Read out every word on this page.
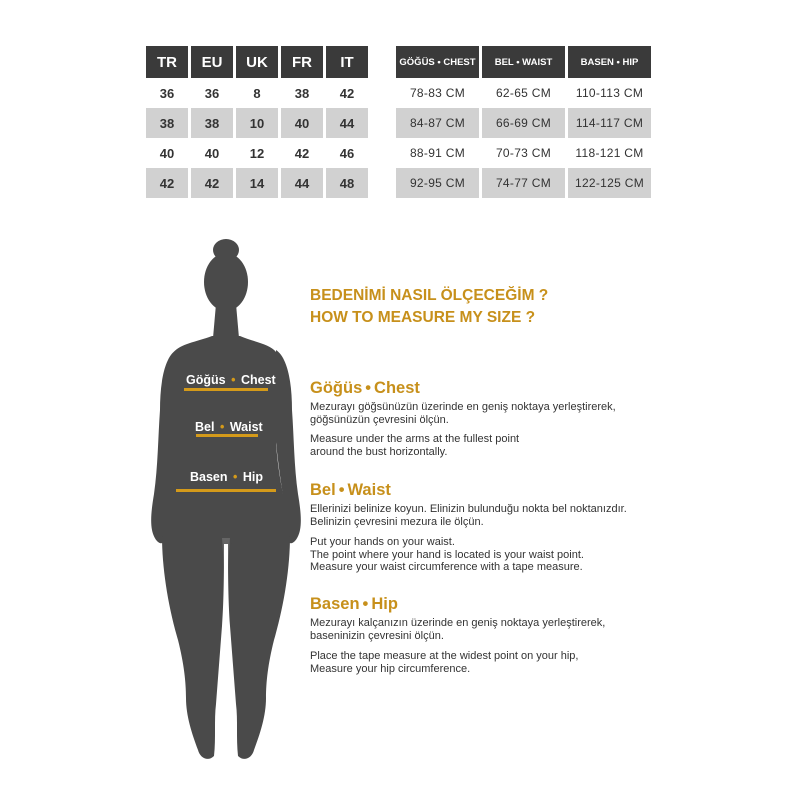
TR	EU	UK	FR	IT
36	36	8	38	42
38	38	10	40	44
40	40	12	42	46
42	42	14	44	48
GÖĞÜS • CHEST	BEL • WAIST	BASEN • HIP
78-83 CM	62-65 CM	110-113 CM
84-87 CM	66-69 CM	114-117 CM
88-91 CM	70-73 CM	118-121 CM
92-95 CM	74-77 CM	122-125 CM
Göğüs • Chest
Bel • Waist
Basen • Hip
BEDENİMİ NASIL ÖLÇECEĞİM ?
HOW TO MEASURE MY SIZE ?
Göğüs • Chest
Mezurayı göğsünüzün üzerinde en geniş noktaya yerleştirerek,
göğsünüzün çevresini ölçün.
Measure under the arms at the fullest point
around the bust horizontally.
Bel • Waist
Ellerinizi belinize koyun. Elinizin bulunduğu nokta bel noktanızdır.
Belinizin çevresini mezura ile ölçün.
Put your hands on your waist.
The point where your hand is located is your waist point.
Measure your waist circumference with a tape measure.
Basen • Hip
Mezurayı kalçanızın üzerinde en geniş noktaya yerleştirerek,
baseninizin çevresini ölçün.
Place the tape measure at the widest point on your hip,
Measure your hip circumference.
